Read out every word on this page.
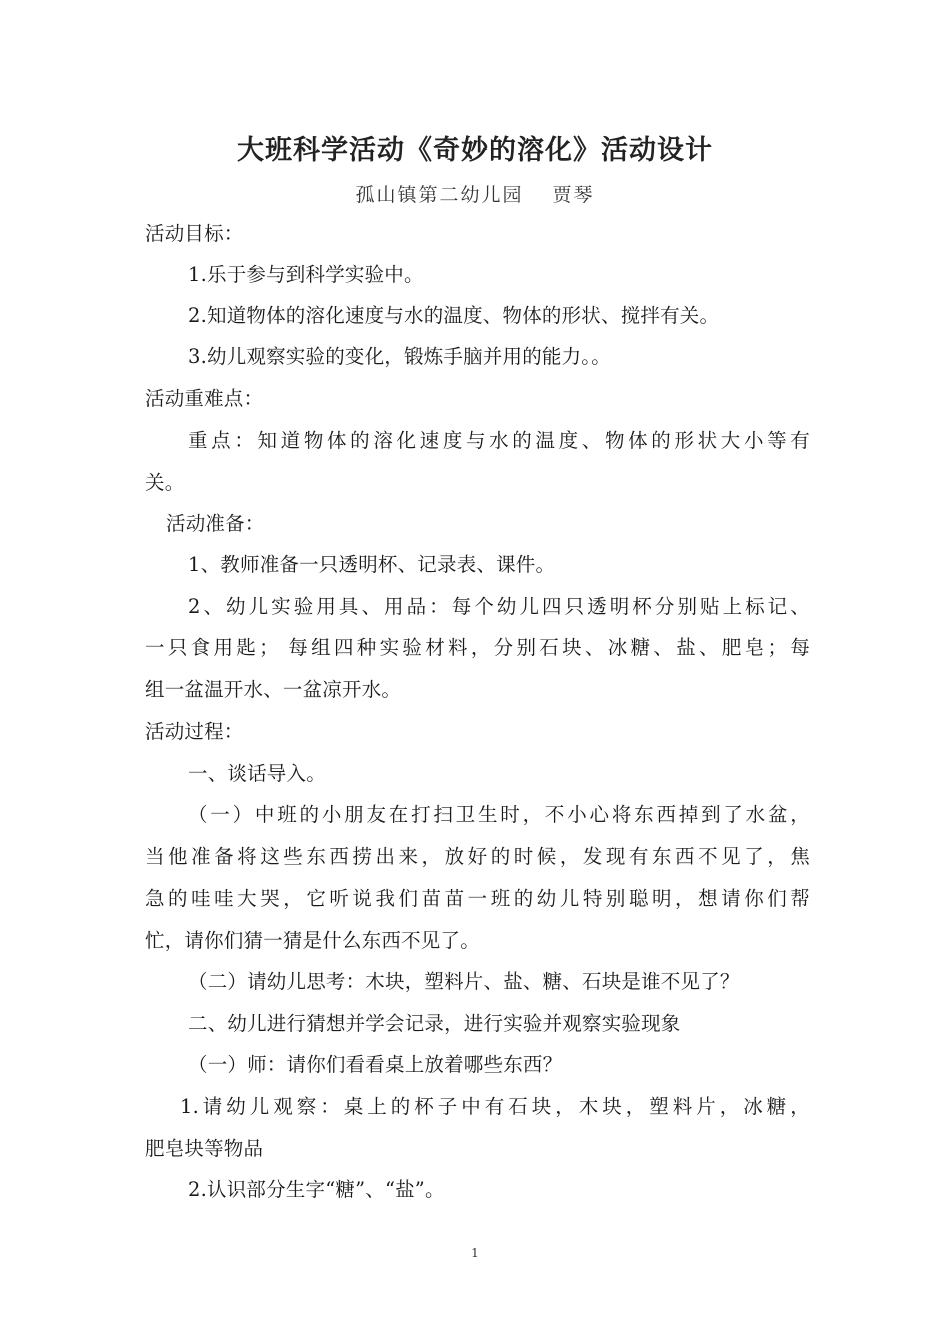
大班科学活动《奇妙的溶化》活动设计
孤山镇第二幼儿园　 贾琴
活动目标：
1.乐于参与到科学实验中。
2.知道物体的溶化速度与水的温度、物体的形状、搅拌有关。
3.幼儿观察实验的变化，锻炼手脑并用的能力。。
活动重难点：
重点：知道物体的溶化速度与水的温度、物体的形状大小等有
关。
活动准备：
1、教师准备一只透明杯、记录表、课件。
2、幼儿实验用具、用品：每个幼儿四只透明杯分别贴上标记、
一只食用匙； 每组四种实验材料，分别石块、冰糖、盐、肥皂；每
组一盆温开水、一盆凉开水。
活动过程：
一、谈话导入。
（一）中班的小朋友在打扫卫生时，不小心将东西掉到了水盆，
当他准备将这些东西捞出来，放好的时候，发现有东西不见了，焦
急的哇哇大哭，它听说我们苗苗一班的幼儿特别聪明，想请你们帮
忙，请你们猜一猜是什么东西不见了。
（二）请幼儿思考：木块，塑料片、盐、糖、石块是谁不见了？
二、幼儿进行猜想并学会记录，进行实验并观察实验现象
（一）师：请你们看看桌上放着哪些东西？
1.请幼儿观察：桌上的杯子中有石块，木块，塑料片，冰糖，
肥皂块等物品
2.认识部分生字“糖”、“盐”。
1
